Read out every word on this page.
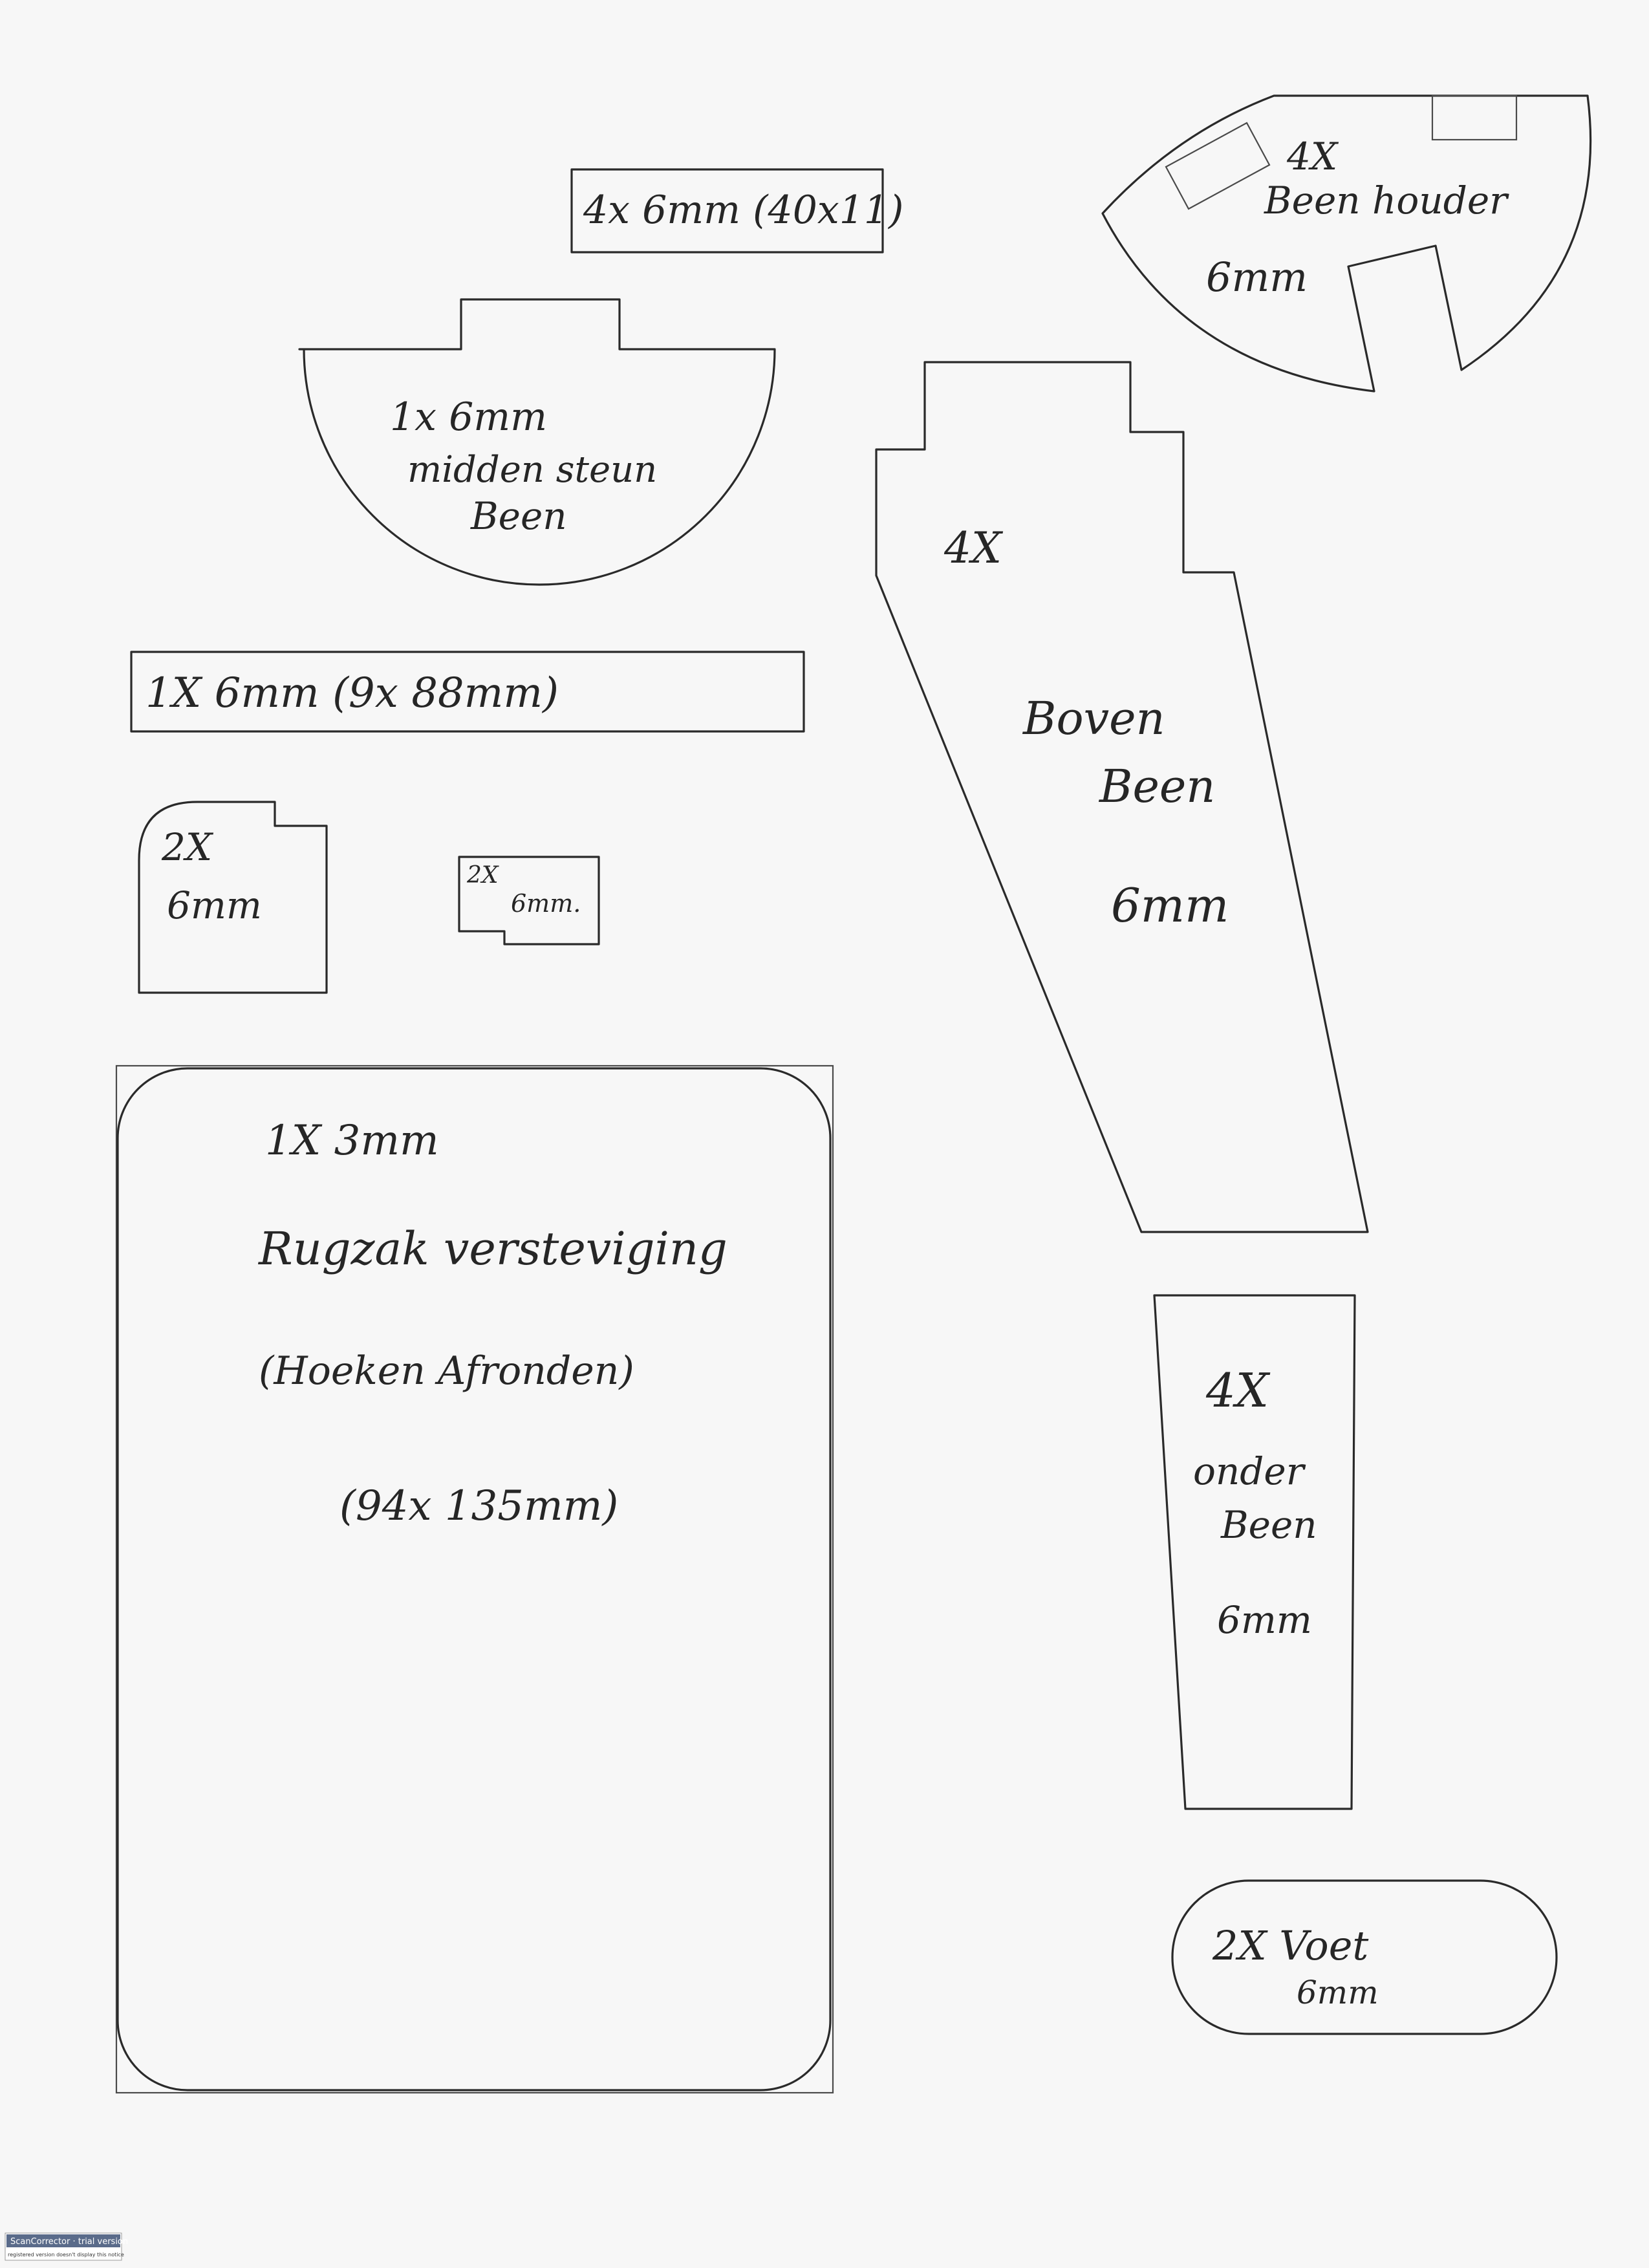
4x 6mm (40x11)
1x 6mm
midden steun
Been
1X 6mm (9x 88mm)
2X
6mm
2X
6mm.
1X 3mm
Rugzak versteviging
(Hoeken Afronden)
(94x 135mm)
4X
Been houder
6mm
4X
Boven
Been
6mm
4X
onder
Been
6mm
2X Voet
6mm
ScanCorrector · trial version
registered version doesn't display this notice
